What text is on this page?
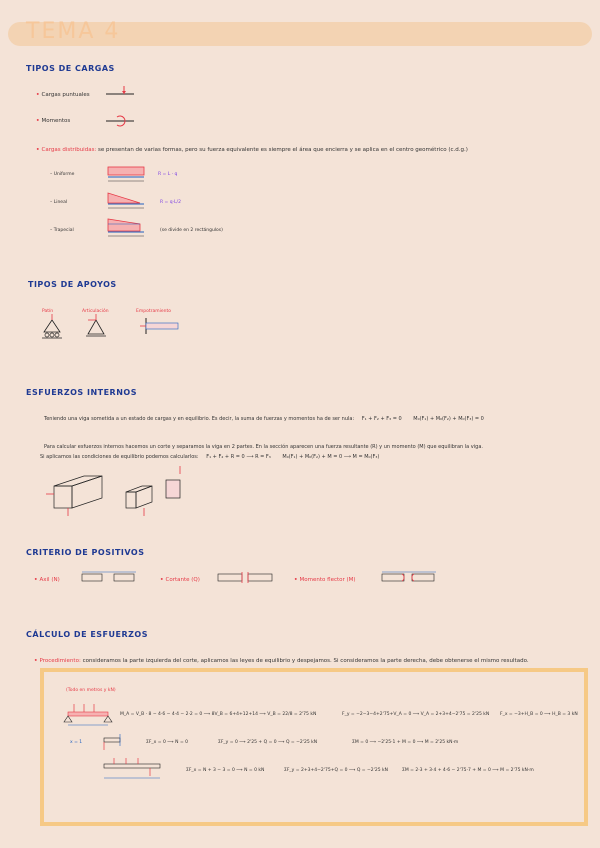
TEMA 4
TIPOS DE CARGAS
• Cargas puntuales
• Momentos
• Cargas distribuidas: se presentan de varias formas, pero su fuerza equivalente es siempre el área que encierra y se aplica en el centro geométrico (c.d.g.)
– Uniforme	R = L · q
– Lineal	R = q·L/2
– Trapecial	(se divide en 2 rectángulos)
TIPOS DE APOYOS
Patín	Articulación	Empotramiento
ESFUERZOS INTERNOS
Teniendo una viga sometida a un estado de cargas y en equilibrio. Es decir, la suma de fuerzas y momentos ha de ser nula: F₁ + F₂ + F₃ = 0 M₀(F₁) + M₀(F₂) + M₀(F₃) = 0
Para calcular esfuerzos internos hacemos un corte y separamos la viga en 2 partes. En la sección aparecen una fuerza resultante (R) y un momento (M) que equilibran la viga.
Si aplicamos las condiciones de equilibrio podemos calcularlos: F₁ + F₂ + R = 0 ⟶ R = F₃ M₀(F₁) + M₀(F₂) + M = 0 ⟶ M = M₀(F₃)
CRITERIO DE POSITIVOS
• Axil (N)	• Cortante (Q)	• Momento flector (M)
CÁLCULO DE ESFUERZOS
• Procedimiento: consideramos la parte izquierda del corte, aplicamos las leyes de equilibrio y despejamos. Si consideramos la parte derecha, debe obtenerse el mismo resultado.
(Todo en metros y kN)
M_A = V_B · 8 − 4·6 − 4·4 − 2·2 = 0 ⟶ 8V_B = 6+4+12+14 ⟶ V_B = 22/8 = 2'75 kN	F_y = −2−3−4+2'75+V_A = 0 ⟶ V_A = 2+3+4−2'75 = 2'25 kN F_x = −3+H_B = 0 ⟶ H_B = 3 kN
x = 1	ΣF_x = 0 ⟶ N = 0	ΣF_y = 0 ⟶ 2'25 + Q = 0 ⟶ Q = −2'25 kN	ΣM = 0 ⟶ −2'25·1 + M = 0 ⟶ M = 2'25 kN·m
ΣF_x = N + 3 − 3 = 0 ⟶ N = 0 kN	ΣF_y = 2+3+4−2'75+Q = 0 ⟶ Q = −2'25 kN	ΣM = 2·3 + 3·4 + 4·6 − 2'75·7 + M = 0 ⟶ M = 2'75 kN·m
